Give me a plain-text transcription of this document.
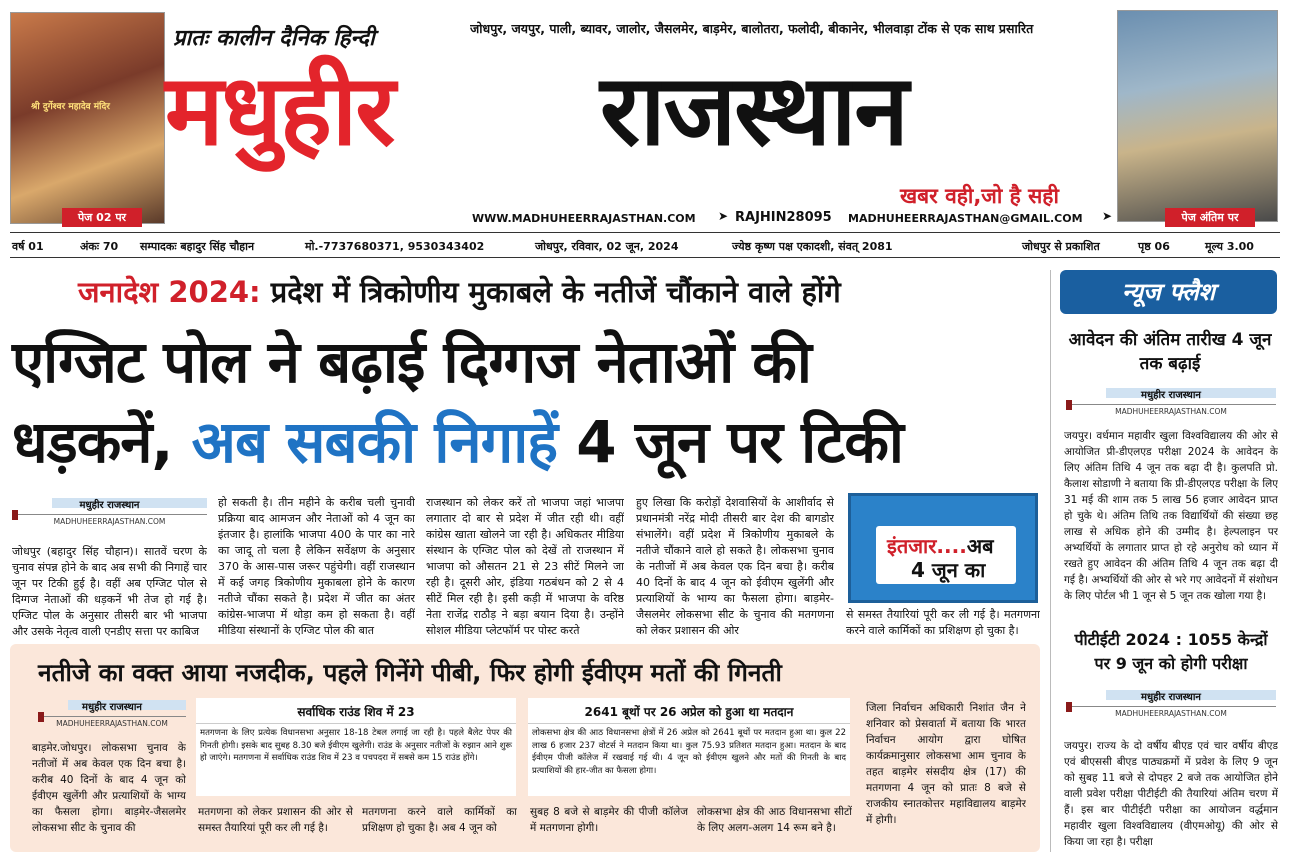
श्री दुर्गेश्वर महादेव मंदिर
पेज 02 पर	पेज अंतिम पर
प्रातः कालीन दैनिक हिन्दी	जोधपुर, जयपुर, पाली, ब्यावर, जालोर, जैसलमेर, बाड़मेर, बालोतरा, फलोदी, बीकानेर, भीलवाड़ा टोंक से एक साथ प्रसारित
मधुहीर राजस्थान
खबर वही,जो है सही
WWW.MADHUHEERRAJASTHAN.COM ➤ RAJHIN28095 MADHUHEERRAJASTHAN@GMAIL.COM ➤
वर्ष 01	अंकः 70 सम्पादकः बहादुर सिंह चौहान	मो.-7737680371, 9530343402	जोधपुर, रविवार, 02 जून, 2024	ज्येष्ठ कृष्ण पक्ष एकादशी, संवत् 2081	जोधपुर से प्रकाशित	पृष्ठ 06	मूल्य 3.00
जनादेश 2024: प्रदेश में त्रिकोणीय मुकाबले के नतीजें चौंकाने वाले होंगे
एग्जिट पोल ने बढ़ाई दिग्गज नेताओं की
धड़कनें, अब सबकी निगाहें 4 जून पर टिकी
मधुहीर राजस्थान
MADHUHEERRAJASTHAN.COM
जोधपुर (बहादुर सिंह चौहान)। सातवें चरण के चुनाव संपन्न होने के बाद अब सभी की निगाहें चार जून पर टिकी हुई है। वहीं अब एग्जिट पोल से दिग्गज नेताओं की धड़कनें भी तेज हो गई है। एग्जिट पोल के अनुसार तीसरी बार भी भाजपा और उसके नेतृत्व वाली एनडीए सत्ता पर काबिज
हो सकती है। तीन महीने के करीब चली चुनावी प्रक्रिया बाद आमजन और नेताओं को 4 जून का इंतजार है। हालांकि भाजपा 400 के पार का नारे का जादू तो चला है लेकिन सर्वेक्षण के अनुसार 370 के आस-पास जरूर पहुंचेगी। वहीं राजस्थान में कई जगह त्रिकोणीय मुकाबला होने के कारण नतीजे चौंका सकते है। प्रदेश में जीत का अंतर कांग्रेस-भाजपा में थोड़ा कम हो सकता है। वहीं मीडिया संस्थानों के एग्जिट पोल की बात
राजस्थान को लेकर करें तो भाजपा जहां भाजपा लगातार दो बार से प्रदेश में जीत रही थी। वहीं कांग्रेस खाता खोलने जा रही है। अधिकतर मीडिया संस्थान के एग्जिट पोल को देखें तो राजस्थान में भाजपा को औसतन 21 से 23 सीटें मिलने जा रही है। दूसरी ओर, इंडिया गठबंधन को 2 से 4 सीटें मिल रही है। इसी कड़ी में भाजपा के वरिष्ठ नेता राजेंद्र राठौड़ ने बड़ा बयान दिया है। उन्होंने सोशल मीडिया प्लेटफॉर्म पर पोस्ट करते
हुए लिखा कि करोड़ों देशवासियों के आशीर्वाद से प्रधानमंत्री नरेंद्र मोदी तीसरी बार देश की बागडोर संभालेंगे। वहीं प्रदेश में त्रिकोणीय मुकाबले के नतीजे चौंकाने वाले हो सकते है। लोकसभा चुनाव के नतीजों में अब केवल एक दिन बचा है। करीब 40 दिनों के बाद 4 जून को ईवीएम खुलेंगी और प्रत्याशियों के भाग्य का फैसला होगा। बाड़मेर-जैसलमेर लोकसभा सीट के चुनाव की मतगणना को लेकर प्रशासन की ओर
इंतजार....अब
4 जून का
से समस्त तैयारियां पूरी कर ली गई है। मतगणना करने वाले कार्मिकों का प्रशिक्षण हो चुका है।
नतीजे का वक्त आया नजदीक, पहले गिनेंगे पीबी, फिर होगी ईवीएम मतों की गिनती
मधुहीर राजस्थान
MADHUHEERRAJASTHAN.COM
बाड़मेर.जोधपुर। लोकसभा चुनाव के नतीजों में अब केवल एक दिन बचा है। करीब 40 दिनों के बाद 4 जून को ईवीएम खुलेंगी और प्रत्याशियों के भाग्य का फैसला होगा। बाड़मेर-जैसलमेर लोकसभा सीट के चुनाव की
सर्वाधिक राउंड शिव में 23
मतगणना के लिए प्रत्येक विधानसभा अनुसार 18-18 टेबल लगाई जा रही है। पहले बैलेट पेपर की गिनती होगी। इसके बाद सुबह 8.30 बजे ईवीएम खुलेगी। राउंड के अनुसार नतीजों के रुझान आने शुरू हो जाएंगे। मतगणना में सर्वाधिक राउंड शिव में 23 व पचपदरा में सबसे कम 15 राउंड होंगे।
2641 बूथों पर 26 अप्रेल को हुआ था मतदान
लोकसभा क्षेत्र की आठ विधानसभा क्षेत्रों में 26 अप्रेल को 2641 बूथों पर मतदान हुआ था। कुल 22 लाख 6 हजार 237 वोटर्स ने मतदान किया था। कुल 75.93 प्रतिशत मतदान हुआ। मतदान के बाद ईवीएम पीजी कॉलेज में रखवाई गई थी। 4 जून को ईवीएम खुलने और मतों की गिनती के बाद प्रत्याशियों की हार-जीत का फैसला होगा।
मतगणना को लेकर प्रशासन की ओर से समस्त तैयारियां पूरी कर ली गई है।
मतगणना करने वाले कार्मिकों का प्रशिक्षण हो चुका है। अब 4 जून को
सुबह 8 बजे से बाड़मेर की पीजी कॉलेज में मतगणना होगी।
लोकसभा क्षेत्र की आठ विधानसभा सीटों के लिए अलग-अलग 14 रूम बने है।
जिला निर्वाचन अधिकारी निशांत जैन ने शनिवार को प्रेसवार्ता में बताया कि भारत निर्वाचन आयोग द्वारा घोषित कार्यक्रमानुसार लोकसभा आम चुनाव के तहत बाड़मेर संसदीय क्षेत्र (17) की मतगणना 4 जून को प्रातः 8 बजे से राजकीय स्नातकोत्तर महाविद्यालय बाड़मेर में होगी।
न्यूज फ्लैश
आवेदन की अंतिम तारीख 4 जून तक बढ़ाई
मधुहीर राजस्थान
MADHUHEERRAJASTHAN.COM
जयपुर। वर्धमान महावीर खुला विश्वविद्यालय की ओर से आयोजित प्री-डीएलएड परीक्षा 2024 के आवेदन के लिए अंतिम तिथि 4 जून तक बढ़ा दी है। कुलपति प्रो. कैलाश सोडाणी ने बताया कि प्री-डीएलएड परीक्षा के लिए 31 मई की शाम तक 5 लाख 56 हजार आवेदन प्राप्त हो चुके थे। अंतिम तिथि तक विद्यार्थियों की संख्या छह लाख से अधिक होने की उम्मीद है। हेल्पलाइन पर अभ्यर्थियों के लगातार प्राप्त हो रहे अनुरोध को ध्यान में रखते हुए आवेदन की अंतिम तिथि 4 जून तक बढ़ा दी गई है। अभ्यर्थियों की ओर से भरे गए आवेदनों में संशोधन के लिए पोर्टल भी 1 जून से 5 जून तक खोला गया है।
पीटीईटी 2024 : 1055 केन्द्रों पर 9 जून को होगी परीक्षा
मधुहीर राजस्थान
MADHUHEERRAJASTHAN.COM
जयपुर। राज्य के दो वर्षीय बीएड एवं चार वर्षीय बीएड एवं बीएससी बीएड पाठ्यक्रमों में प्रवेश के लिए 9 जून को सुबह 11 बजे से दोपहर 2 बजे तक आयोजित होने वाली प्रवेश परीक्षा पीटीईटी की तैयारियां अंतिम चरण में हैं। इस बार पीटीईटी परीक्षा का आयोजन वर्द्धमान महावीर खुला विश्वविद्यालय (वीएमओयू) की ओर से किया जा रहा है। परीक्षा
